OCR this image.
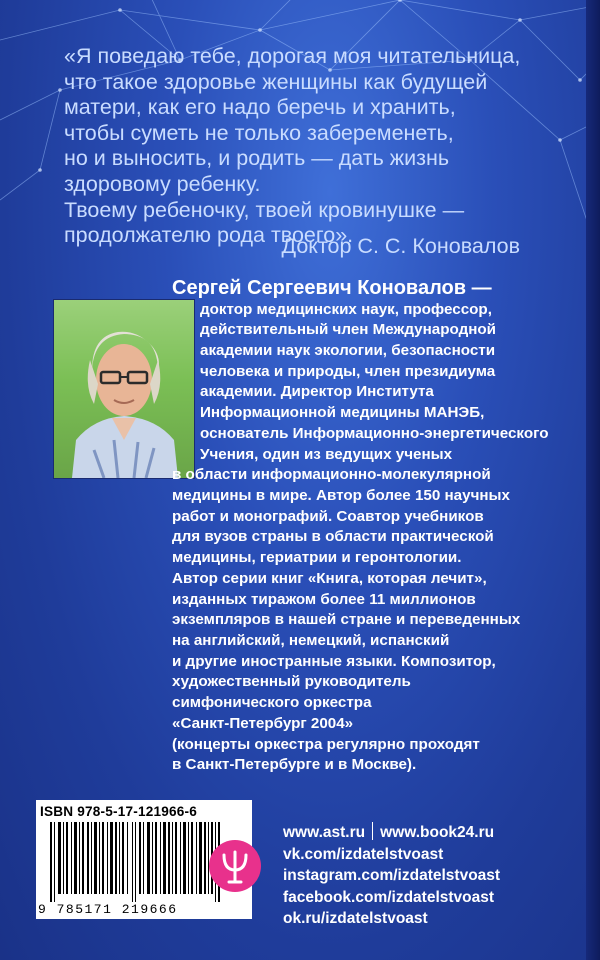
«Я поведаю тебе, дорогая моя читательница,

что такое здоровье женщины как будущей

матери, как его надо беречь и хранить,

чтобы суметь не только забеременеть,

но и выносить, и родить — дать жизнь

здоровому ребенку.

Твоему ребеночку, твоей кровинушке —

продолжателю рода твоего».

Доктор С. С. Коновалов
Сергей Сергеевич Коновалов —
доктор медицинских наук, профессор,
действительный член Международной
академии наук экологии, безопасности
человека и природы, член президиума
академии. Директор Института
Информационной медицины МАНЭБ,
основатель Информационно-энергетического
Учения, один из ведущих ученых
в области информационно-молекулярной
медицины в мире. Автор более 150 научных
работ и монографий. Соавтор учебников
для вузов страны в области практической
медицины, гериатрии и геронтологии.
Автор серии книг «Книга, которая лечит»,
изданных тиражом более 11 миллионов
экземпляров в нашей стране и переведенных
на английский, немецкий, испанский
и другие иностранные языки. Композитор,
художественный руководитель
симфонического оркестра
«Санкт-Петербург 2004»
(концерты оркестра регулярно проходят
в Санкт-Петербурге и в Москве).
ISBN 978-5-17-121966-6
9 785171 219666
www.ast.ru www.book24.ru
vk.com/izdatelstvoast
instagram.com/izdatelstvoast
facebook.com/izdatelstvoast
ok.ru/izdatelstvoast
